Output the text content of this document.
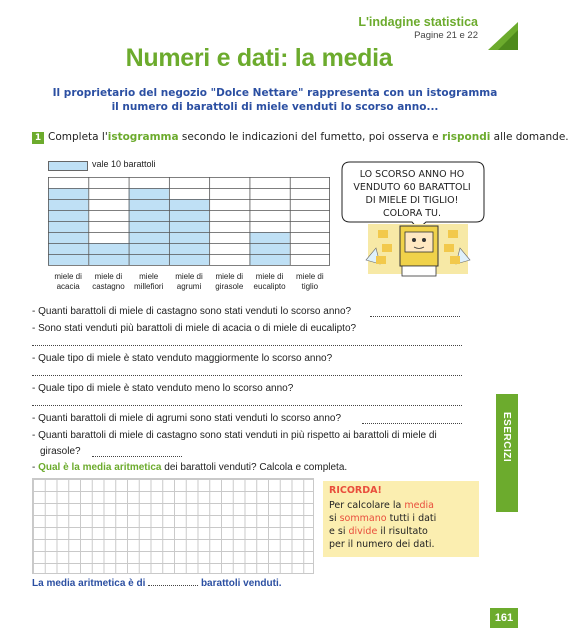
L'indagine statistica
Pagine 21 e 22
Numeri e dati: la media
Il proprietario del negozio "Dolce Nettare" rappresenta con un istogramma
il numero di barattoli di miele venduti lo scorso anno...
1 Completa l'istogramma secondo le indicazioni del fumetto, poi osserva e rispondi alle domande.
vale 10 barattoli
miele di
acacia
miele di
castagno
miele
millefiori
miele di
agrumi
miele di
girasole
miele di
eucalipto
miele di
tiglio
LO SCORSO ANNO HO
VENDUTO 60 BARATTOLI
DI MIELE DI TIGLIO!
COLORA TU.
- Quanti barattoli di miele di castagno sono stati venduti lo scorso anno?
- Sono stati venduti più barattoli di miele di acacia o di miele di eucalipto?
- Quale tipo di miele è stato venduto maggiormente lo scorso anno?
- Quale tipo di miele è stato venduto meno lo scorso anno?
- Quanti barattoli di miele di agrumi sono stati venduti lo scorso anno?
- Quanti barattoli di miele di castagno sono stati venduti in più rispetto ai barattoli di miele di
girasole?
- Qual è la media aritmetica dei barattoli venduti? Calcola e completa.
RICORDA!
Per calcolare la media
si sommano tutti i dati
e si divide il risultato
per il numero dei dati.
La media aritmetica è di	barattoli venduti.
ESERCIZI
161
